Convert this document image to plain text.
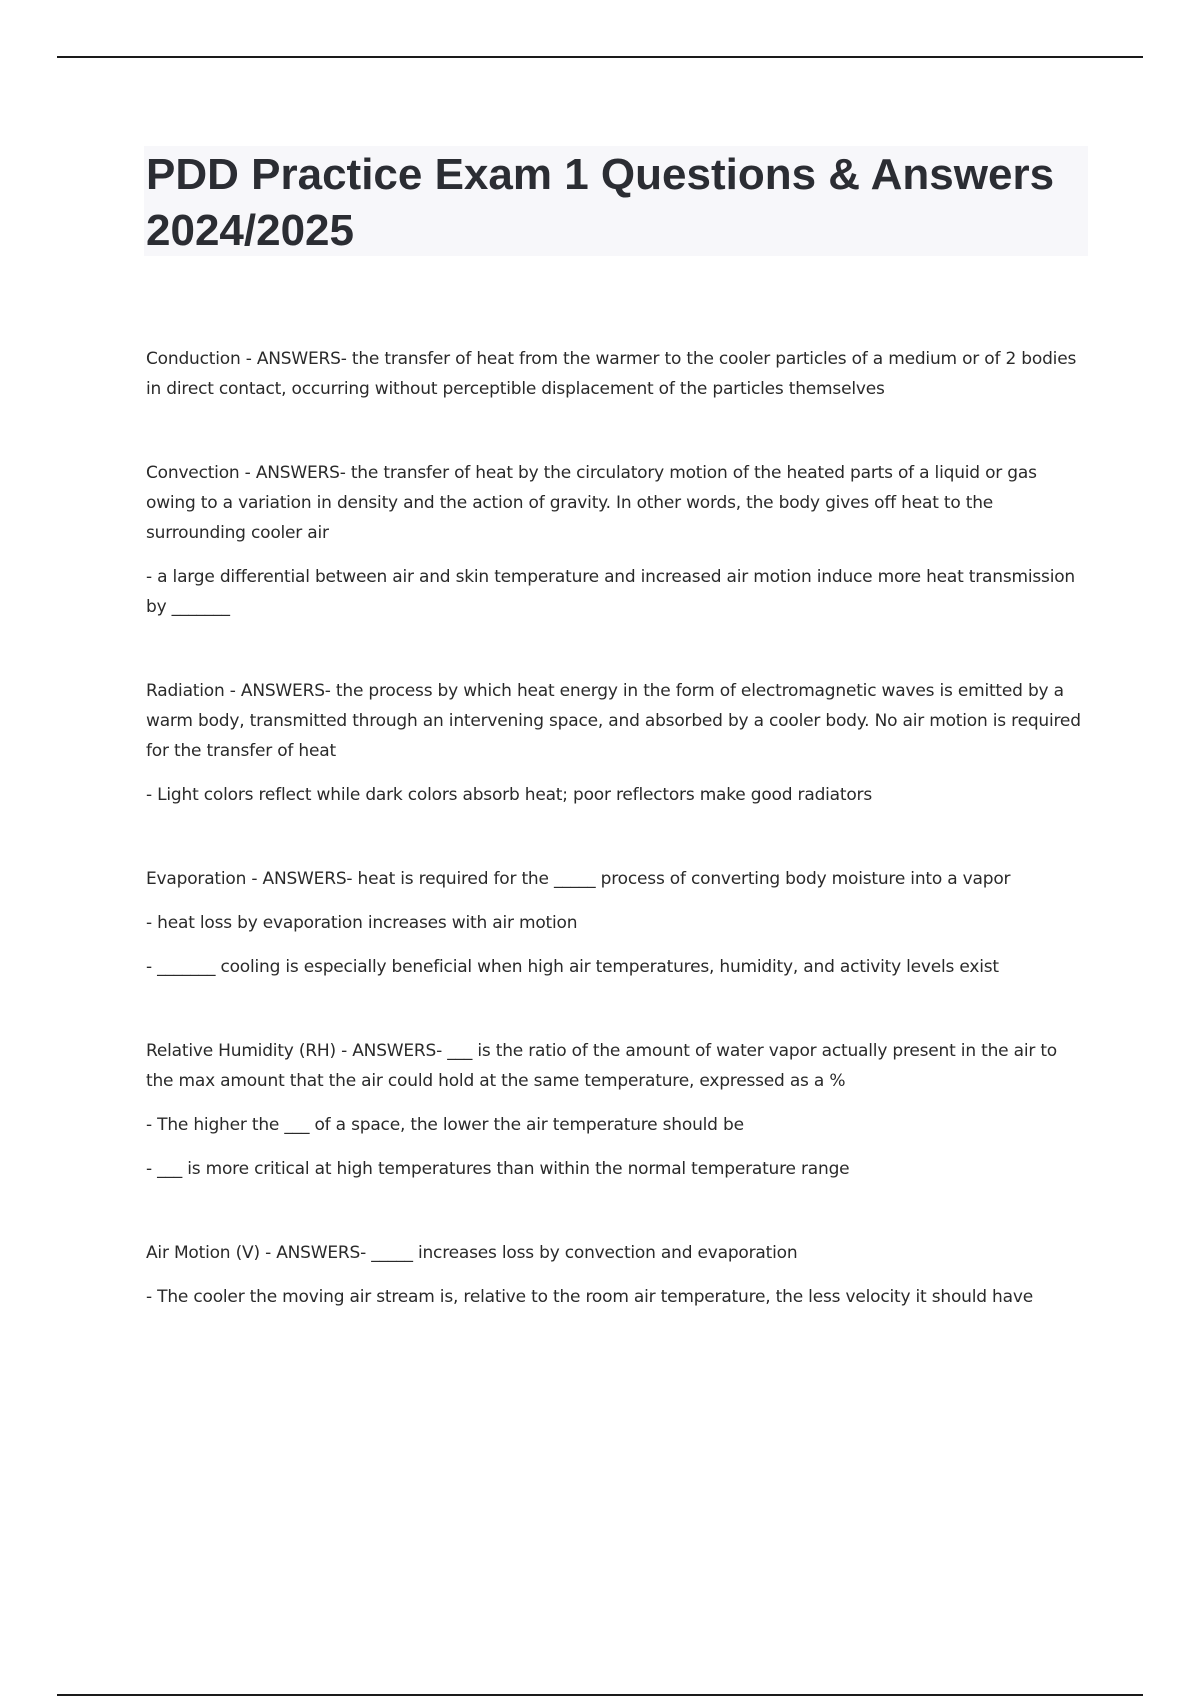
PDD Practice Exam 1 Questions & Answers 2024/2025

Conduction - ANSWERS- the transfer of heat from the warmer to the cooler particles of a medium or of 2 bodies in direct contact, occurring without perceptible displacement of the particles themselves

Convection - ANSWERS- the transfer of heat by the circulatory motion of the heated parts of a liquid or gas owing to a variation in density and the action of gravity. In other words, the body gives off heat to the surrounding cooler air

- a large differential between air and skin temperature and increased air motion induce more heat transmission by _______

Radiation - ANSWERS- the process by which heat energy in the form of electromagnetic waves is emitted by a warm body, transmitted through an intervening space, and absorbed by a cooler body. No air motion is required for the transfer of heat

- Light colors reflect while dark colors absorb heat; poor reflectors make good radiators

Evaporation - ANSWERS- heat is required for the _____ process of converting body moisture into a vapor

- heat loss by evaporation increases with air motion

- _______ cooling is especially beneficial when high air temperatures, humidity, and activity levels exist

Relative Humidity (RH) - ANSWERS- ___ is the ratio of the amount of water vapor actually present in the air to the max amount that the air could hold at the same temperature, expressed as a %

- The higher the ___ of a space, the lower the air temperature should be

- ___ is more critical at high temperatures than within the normal temperature range

Air Motion (V) - ANSWERS- _____ increases loss by convection and evaporation

- The cooler the moving air stream is, relative to the room air temperature, the less velocity it should have
